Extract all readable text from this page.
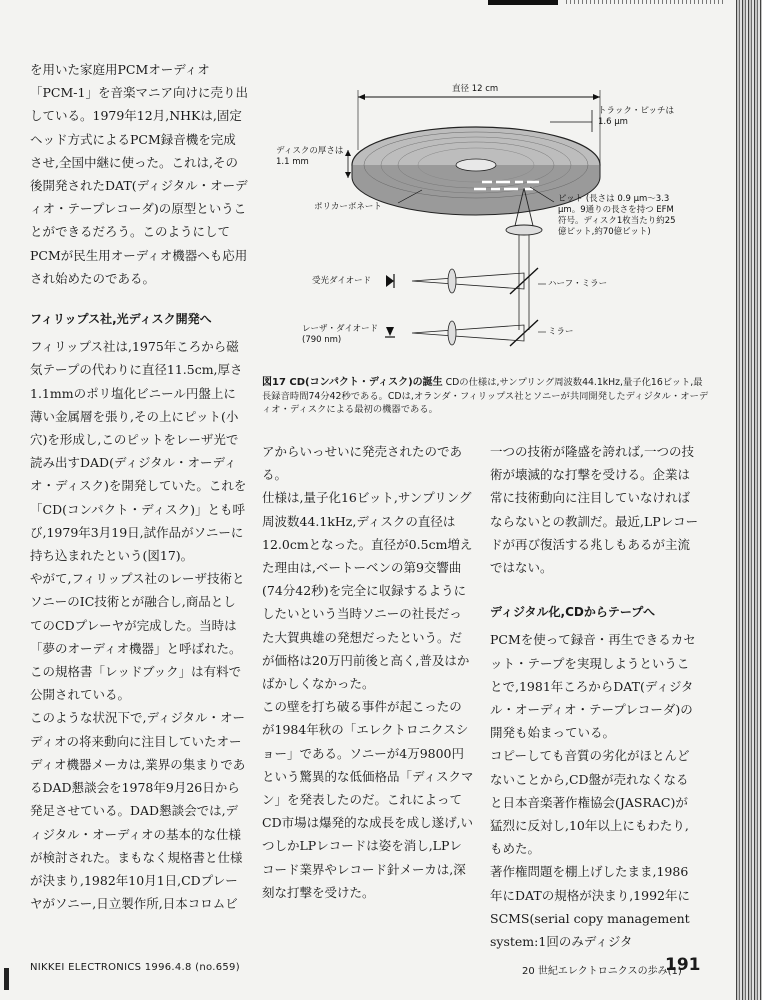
を用いた家庭用PCMオーディオ「PCM-1」を音楽マニア向けに売り出している。1979年12月,NHKは,固定ヘッド方式によるPCM録音機を完成させ,全国中継に使った。これは,その後開発されたDAT(ディジタル・オーディオ・テープレコーダ)の原型ということができるだろう。このようにしてPCMが民生用オーディオ機器へも応用され始めたのである。

フィリップス社,光ディスク開発へ

フィリップス社は,1975年ころから磁気テープの代わりに直径11.5cm,厚さ1.1mmのポリ塩化ビニール円盤上に薄い金属層を張り,その上にピット(小穴)を形成し,このピットをレーザ光で読み出すDAD(ディジタル・オーディオ・ディスク)を開発していた。これを「CD(コンパクト・ディスク)」とも呼び,1979年3月19日,試作品がソニーに持ち込まれたという(図17)。

やがて,フィリップス社のレーザ技術とソニーのIC技術とが融合し,商品としてのCDプレーヤが完成した。当時は「夢のオーディオ機器」と呼ばれた。この規格書「レッドブック」は有料で公開されている。

このような状況下で,ディジタル・オーディオの将来動向に注目していたオーディオ機器メーカは,業界の集まりであるDAD懇談会を1978年9月26日から発足させている。DAD懇談会では,ディジタル・オーディオの基本的な仕様が検討された。まもなく規格書と仕様が決まり,1982年10月1日,CDプレーヤがソニー,日立製作所,日本コロムビ

直径 12 cm
トラック・ピッチは 1.6 μm
ディスクの厚さは 1.1 mm
ポリカーボネート
ピット (長さは 0.9 μm〜3.3 μm。9通りの長さを持つ EFM符号。ディスク1枚当たり約25億ピット,約70億ビット)
受光ダイオード	ハーフ・ミラー
レーザ・ダイオード (790 nm)
ミラー
図17 CD(コンパクト・ディスク)の誕生 CDの仕様は,サンプリング周波数44.1kHz,量子化16ビット,最長録音時間74分42秒である。CDは,オランダ・フィリップス社とソニーが共同開発したディジタル・オーディオ・ディスクによる最初の機器である。

アからいっせいに発売されたのである。

仕様は,量子化16ビット,サンプリング周波数44.1kHz,ディスクの直径は12.0cmとなった。直径が0.5cm増えた理由は,ベートーベンの第9交響曲(74分42秒)を完全に収録するようにしたいという当時ソニーの社長だった大賀典雄の発想だったという。だが価格は20万円前後と高く,普及はかばかしくなかった。

この壁を打ち破る事件が起こったのが1984年秋の「エレクトロニクスショー」である。ソニーが4万9800円という驚異的な低価格品「ディスクマン」を発表したのだ。これによってCD市場は爆発的な成長を成し遂げ,いつしかLPレコードは姿を消し,LPレコード業界やレコード針メーカは,深刻な打撃を受けた。

一つの技術が隆盛を誇れば,一つの技術が壊滅的な打撃を受ける。企業は常に技術動向に注目していなければならないとの教訓だ。最近,LPレコードが再び復活する兆しもあるが主流ではない。

ディジタル化,CDからテープへ

PCMを使って録音・再生できるカセット・テープを実現しようということで,1981年ころからDAT(ディジタル・オーディオ・テープレコーダ)の開発も始まっている。

コピーしても音質の劣化がほとんどないことから,CD盤が売れなくなると日本音楽著作権協会(JASRAC)が猛烈に反対し,10年以上にもわたり,もめた。

著作権問題を棚上げしたまま,1986年にDATの規格が決まり,1992年にSCMS(serial copy management system:1回のみディジタ

NIKKEI ELECTRONICS 1996.4.8 (no.659)	20 世紀エレクトロニクスの歩み(1)
191
